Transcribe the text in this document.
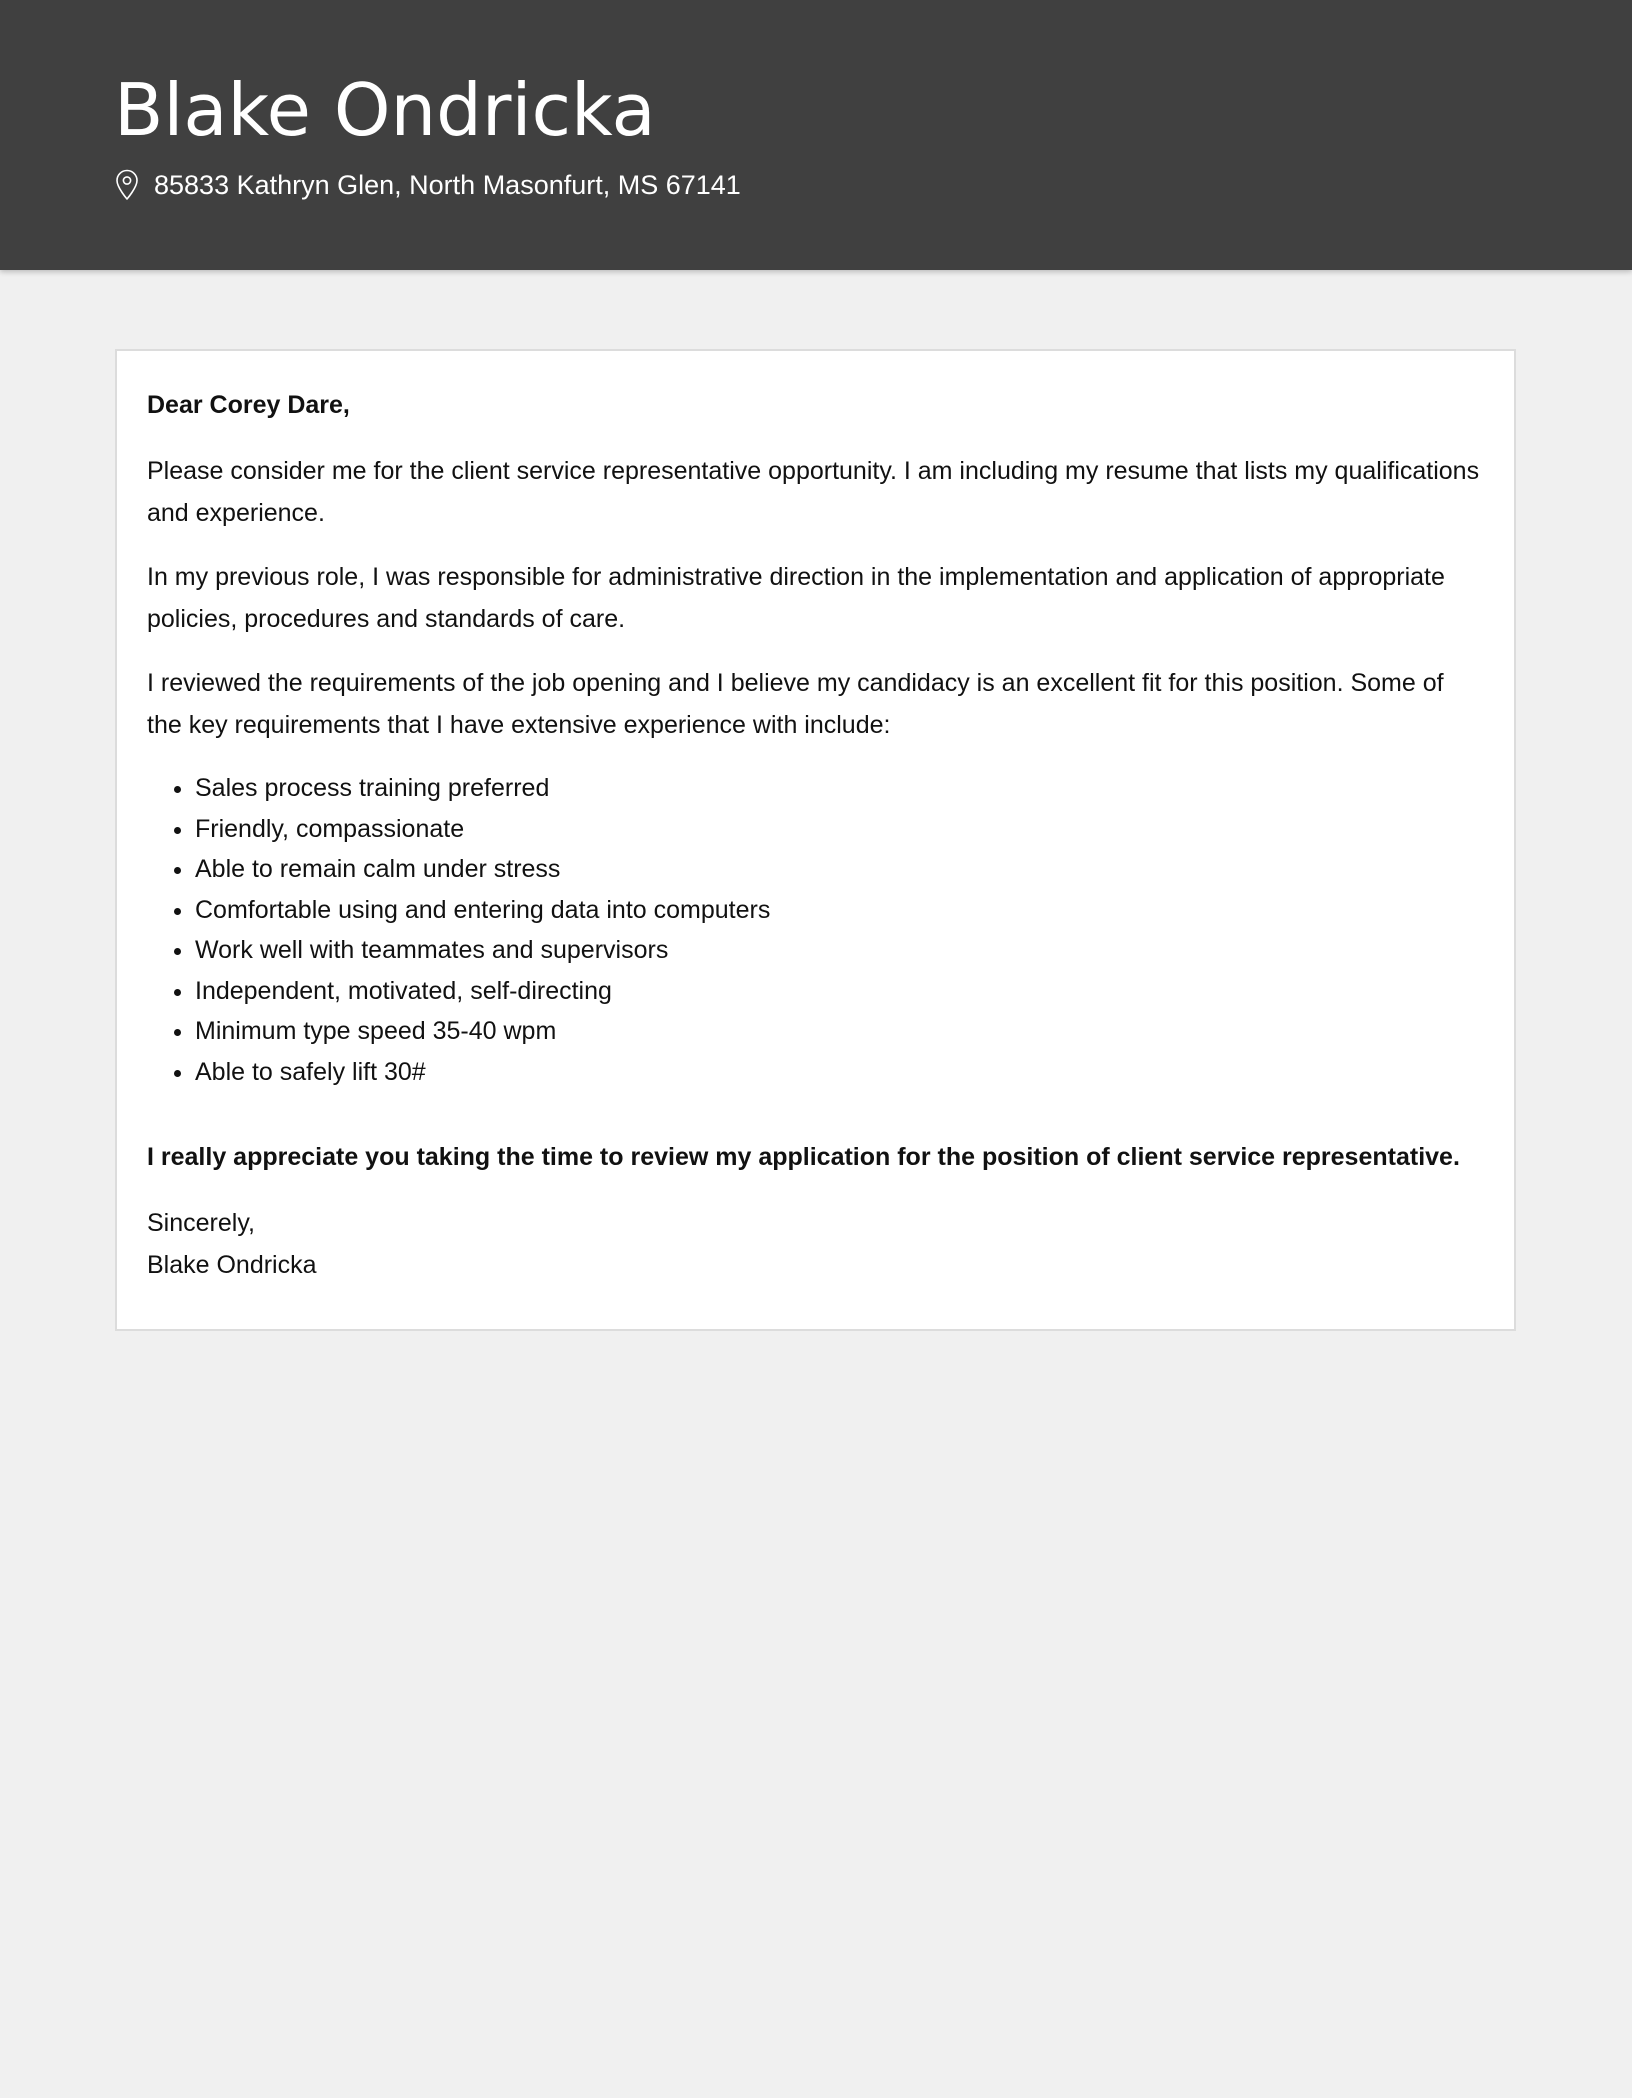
Blake Ondricka
85833 Kathryn Glen, North Masonfurt, MS 67141

Dear Corey Dare,

Please consider me for the client service representative opportunity. I am including my resume that lists my qualifications and experience.

In my previous role, I was responsible for administrative direction in the implementation and application of appropriate policies, procedures and standards of care.

I reviewed the requirements of the job opening and I believe my candidacy is an excellent fit for this position. Some of the key requirements that I have extensive experience with include:

• Sales process training preferred
• Friendly, compassionate
• Able to remain calm under stress
• Comfortable using and entering data into computers
• Work well with teammates and supervisors
• Independent, motivated, self-directing
• Minimum type speed 35-40 wpm
• Able to safely lift 30#

I really appreciate you taking the time to review my application for the position of client service representative.

Sincerely,

Blake Ondricka
